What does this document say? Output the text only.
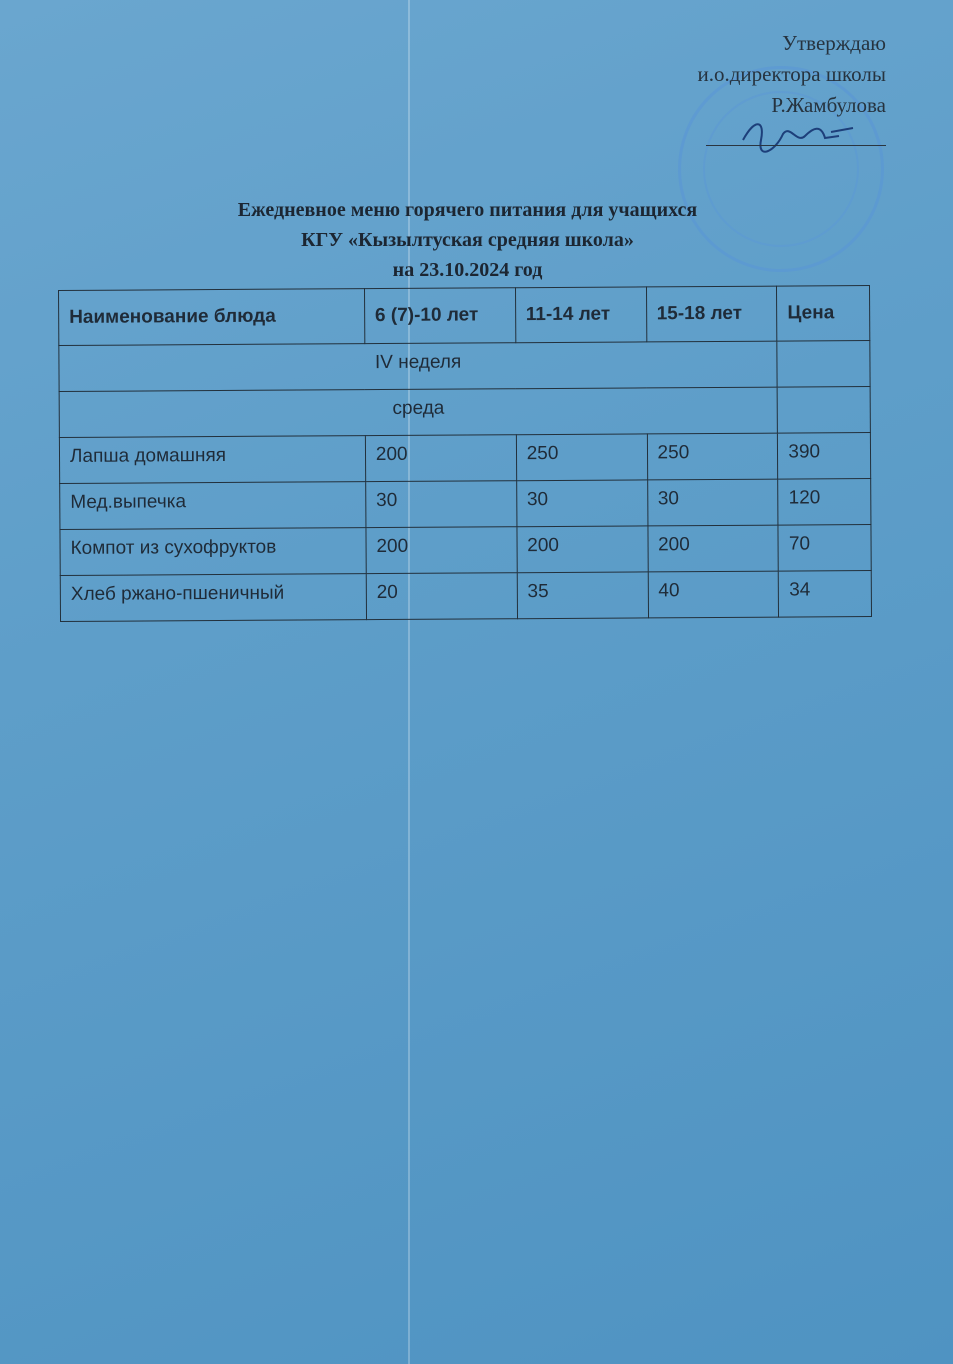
Утверждаю
и.о.директора школы
Р.Жамбулова
Ежедневное меню горячего питания для учащихся
КГУ «Кызылтуская средняя школа»
на 23.10.2024 год
Наименование блюда	6 (7)-10 лет	11-14 лет	15-18 лет	Цена
IV неделя				
среда				
Лапша домашняя	200	250	250	390
Мед.выпечка	30	30	30	120
Компот из сухофруктов	200	200	200	70
Хлеб ржано-пшеничный	20	35	40	34
